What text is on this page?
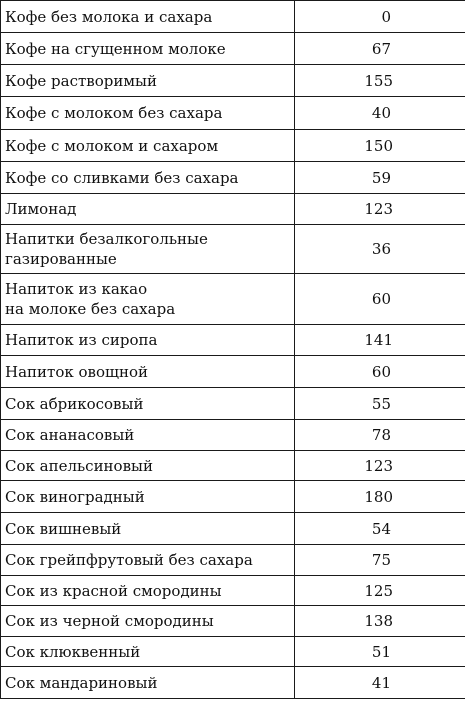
Кофе без молока и сахара	0

Кофе на сгущенном молоке	67

Кофе растворимый	155

Кофе с молоком без сахара	40

Кофе с молоком и сахаром	150

Кофе со сливками без сахара	59

Лимонад	123

Напитки безалкогольные
газированные	36

Напиток из какао
на молоке без сахара	60

Напиток из сиропа	141

Напиток овощной	60

Сок абрикосовый	55

Сок ананасовый	78

Сок апельсиновый	123

Сок виноградный	180

Сок вишневый	54

Сок грейпфрутовый без сахара	75

Сок из красной смородины	125

Сок из черной смородины	138

Сок клюквенный	51

Сок мандариновый	41
